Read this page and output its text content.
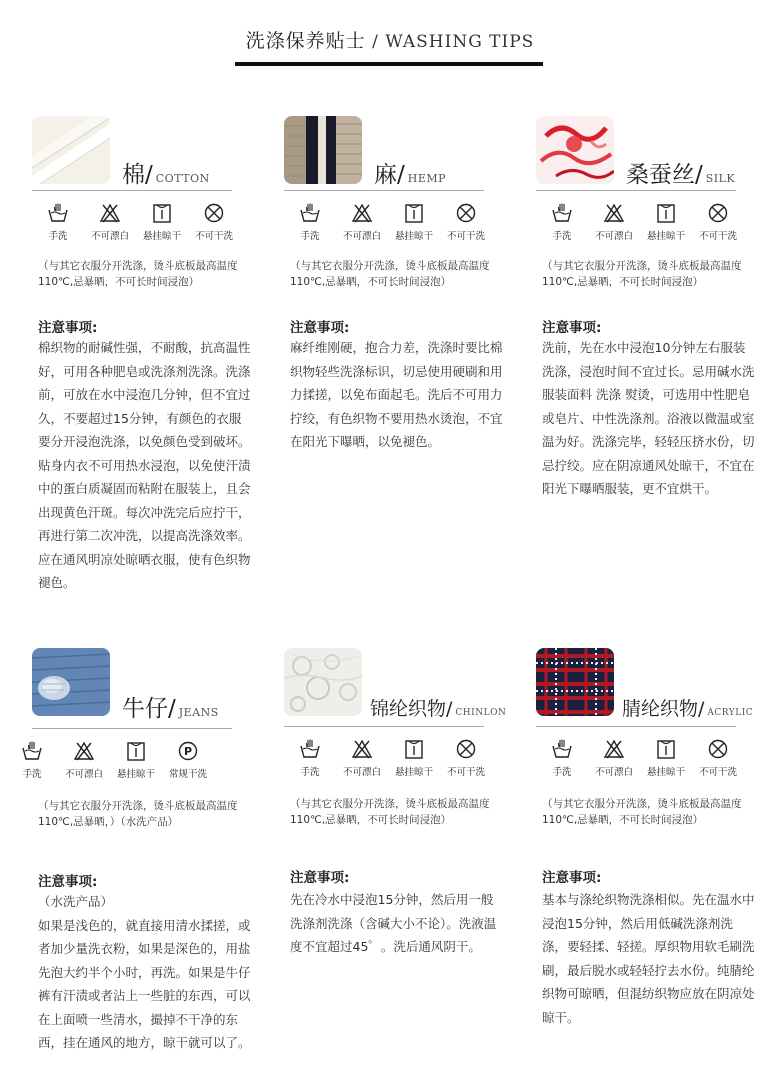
洗涤保养贴士 / WASHING TIPS
棉/ COTTON
手洗 不可漂白 悬挂晾干 不可干洗
（与其它衣服分开洗涤，烫斗底板最高温度110℃,忌暴晒，不可长时间浸泡）
注意事项:
棉织物的耐碱性强，不耐酸，抗高温性好，可用各种肥皂或洗涤剂洗涤。洗涤前，可放在水中浸泡几分钟，但不宜过久，不要超过15分钟，有颜色的衣服要分开浸泡洗涤，以免颜色受到破坏。贴身内衣不可用热水浸泡，以免使汗渍中的蛋白质凝固而粘附在服装上，且会出现黄色汗斑。每次冲洗完后应拧干，再进行第二次冲洗，以提高洗涤效率。应在通风明凉处晾晒衣服，使有色织物褪色。
麻/ HEMP
手洗 不可漂白 悬挂晾干 不可干洗
（与其它衣服分开洗涤，烫斗底板最高温度110℃,忌暴晒，不可长时间浸泡）
注意事项:
麻纤维刚硬，抱合力差，洗涤时要比棉织物轻些洗涤标识，切忌使用硬刷和用力揉搓，以免布面起毛。洗后不可用力拧绞，有色织物不要用热水烫泡，不宜在阳光下曝晒，以免褪色。
桑蚕丝/ SILK
手洗 不可漂白 悬挂晾干 不可干洗
（与其它衣服分开洗涤，烫斗底板最高温度110℃,忌暴晒，不可长时间浸泡）
注意事项:
洗前，先在水中浸泡10分钟左右服装洗涤，浸泡时间不宜过长。忌用碱水洗服装面料 洗涤 熨烫，可选用中性肥皂或皂片、中性洗涤剂。浴液以微温或室温为好。洗涤完毕，轻轻压挤水份，切忌拧绞。应在阴凉通风处晾干，不宜在阳光下曝晒服装，更不宜烘干。
牛仔/ JEANS
手洗 不可漂白 悬挂晾干
P
常规干洗
（与其它衣服分开洗涤，烫斗底板最高温度110℃,忌暴晒，）（水洗产品）
注意事项:
（水洗产品）
如果是浅色的，就直接用清水揉搓，或者加少量洗衣粉，如果是深色的，用盐先泡大约半个小时，再洗。如果是牛仔裤有汗渍或者沾上一些脏的东西，可以在上面喷一些清水，撮掉不干净的东西，挂在通风的地方，晾干就可以了。
锦纶织物/ CHINLON
手洗 不可漂白 悬挂晾干 不可干洗
（与其它衣服分开洗涤，烫斗底板最高温度110℃,忌暴晒，不可长时间浸泡）
注意事项:
先在冷水中浸泡15分钟，然后用一般洗涤剂洗涤（含碱大小不论）。洗液温度不宜超过45゜。洗后通风阴干。
腈纶织物/ ACRYLIC
手洗 不可漂白 悬挂晾干 不可干洗
（与其它衣服分开洗涤，烫斗底板最高温度110℃,忌暴晒，不可长时间浸泡）
注意事项:
基本与涤纶织物洗涤相似。先在温水中浸泡15分钟，然后用低碱洗涤剂洗涤，要轻揉、轻搓。厚织物用软毛刷洗刷，最后脱水或轻轻拧去水份。纯腈纶织物可晾晒，但混纺织物应放在阴凉处晾干。
